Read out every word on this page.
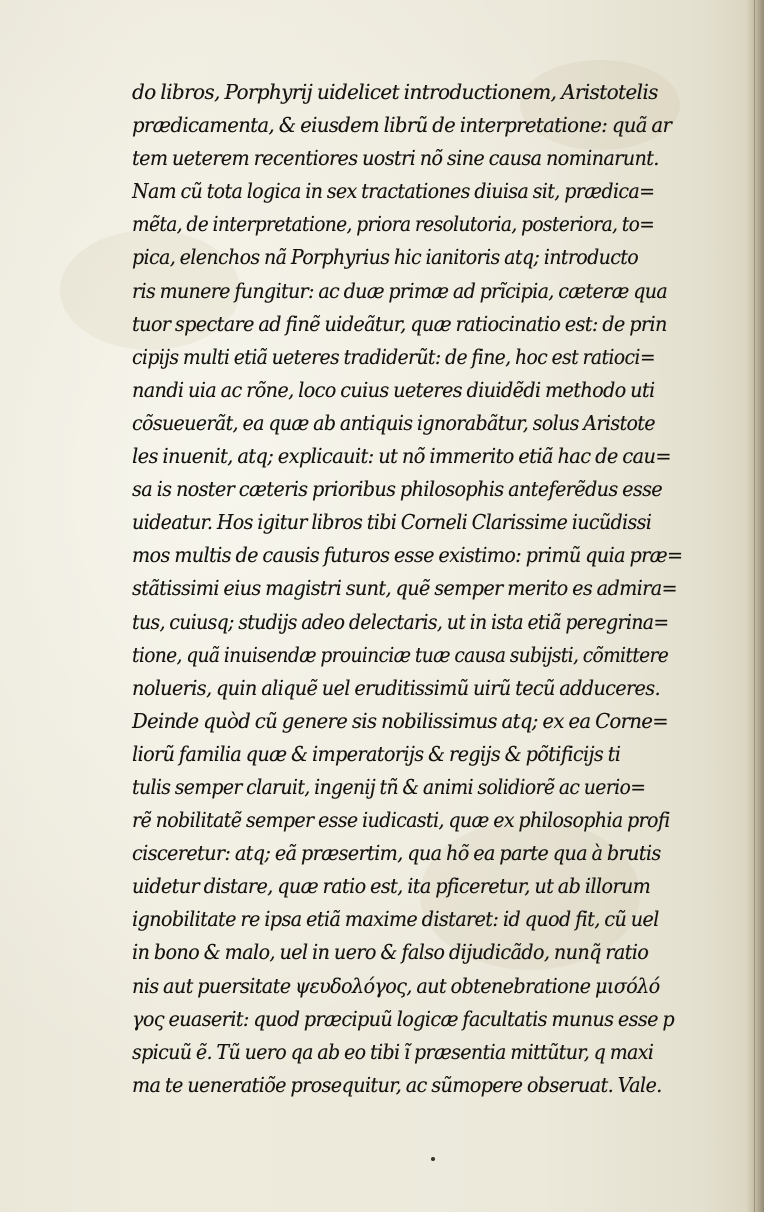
do libros, Porphyrij uidelicet introductionem, Aristotelis
prædicamenta, & eiusdem librũ de interpretatione: quã ar
tem ueterem recentiores uostri nõ sine causa nominarunt.
Nam cũ tota logica in sex tractationes diuisa sit, prædica=
mẽta, de interpretatione, priora resolutoria, posteriora, to=
pica, elenchos nã Porphyrius hic ianitoris atq; introducto
ris munere fungitur: ac duæ primæ ad prĩcipia, cæteræ qua
tuor spectare ad finẽ uideãtur, quæ ratiocinatio est: de prin
cipijs multi etiã ueteres tradiderũt: de fine, hoc est ratioci=
nandi uia ac rõne, loco cuius ueteres diuidẽdi methodo uti
cõsueuerãt, ea quæ ab antiquis ignorabãtur, solus Aristote
les inuenit, atq; explicauit: ut nõ immerito etiã hac de cau=
sa is noster cæteris prioribus philosophis anteferẽdus esse
uideatur. Hos igitur libros tibi Corneli Clarissime iucũdissi
mos multis de causis futuros esse existimo: primũ quia præ=
stãtissimi eius magistri sunt, quẽ semper merito es admira=
tus, cuiusq; studijs adeo delectaris, ut in ista etiã peregrina=
tione, quã inuisendæ prouinciæ tuæ causa subijsti, cõmittere
nolueris, quin aliquẽ uel eruditissimũ uirũ tecũ adduceres.
Deinde quòd cũ genere sis nobilissimus atq; ex ea Corne=
liorũ familia quæ & imperatorijs & regijs & põtificijs ti
tulis semper claruit, ingenij tñ & animi solidiorẽ ac uerio=
rẽ nobilitatẽ semper esse iudicasti, quæ ex philosophia profi
cisceretur: atq; eã præsertim, qua hõ ea parte qua à brutis
uidetur distare, quæ ratio est, ita pficeretur, ut ab illorum
ignobilitate re ipsa etiã maxime distaret: id quod fit, cũ uel
in bono & malo, uel in uero & falso dijudicãdo, nunq̃ ratio
nis aut puersitate ψευδολόγος, aut obtenebratione μισόλό
γος euaserit: quod præcipuũ logicæ facultatis munus esse p
spicuũ ẽ. Tũ uero qa ab eo tibi ĩ præsentia mittũtur, q maxi
ma te ueneratiõe prosequitur, ac sũmopere obseruat. Vale.
